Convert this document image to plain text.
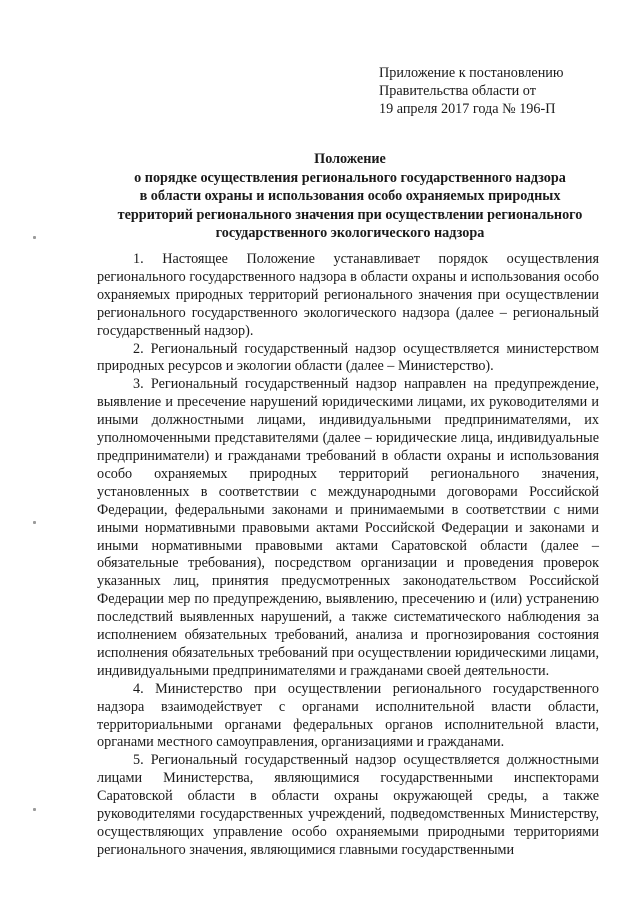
Приложение к постановлению
Правительства области от
19 апреля 2017 года № 196-П
Положение
о порядке осуществления регионального государственного надзора
в области охраны и использования особо охраняемых природных
территорий регионального значения при осуществлении регионального
государственного экологического надзора

1. Настоящее Положение устанавливает порядок осуществления регионального государственного надзора в области охраны и использования особо охраняемых природных территорий регионального значения при осуществлении регионального государственного экологического надзора (далее – региональный государственный надзор).

2. Региональный государственный надзор осуществляется министерством природных ресурсов и экологии области (далее – Министерство).

3. Региональный государственный надзор направлен на предупреждение, выявление и пресечение нарушений юридическими лицами, их руководителями и иными должностными лицами, индивидуальными предпринимателями, их уполномоченными представителями (далее – юридические лица, индивидуальные предприниматели) и гражданами требований в области охраны и использования особо охраняемых природных территорий регионального значения, установленных в соответствии с международными договорами Российской Федерации, федеральными законами и принимаемыми в соответствии с ними иными нормативными правовыми актами Российской Федерации и законами и иными нормативными правовыми актами Саратовской области (далее – обязательные требования), посредством организации и проведения проверок указанных лиц, принятия предусмотренных законодательством Российской Федерации мер по предупреждению, выявлению, пресечению и (или) устранению последствий выявленных нарушений, а также систематического наблюдения за исполнением обязательных требований, анализа и прогнозирования состояния исполнения обязательных требований при осуществлении юридическими лицами, индивидуальными предпринимателями и гражданами своей деятельности.

4. Министерство при осуществлении регионального государственного надзора взаимодействует с органами исполнительной власти области, территориальными органами федеральных органов исполнительной власти, органами местного самоуправления, организациями и гражданами.

5. Региональный государственный надзор осуществляется должностными лицами Министерства, являющимися государственными инспекторами Саратовской области в области охраны окружающей среды, а также руководителями государственных учреждений, подведомственных Министерству, осуществляющих управление особо охраняемыми природными территориями регионального значения, являющимися главными государственными
